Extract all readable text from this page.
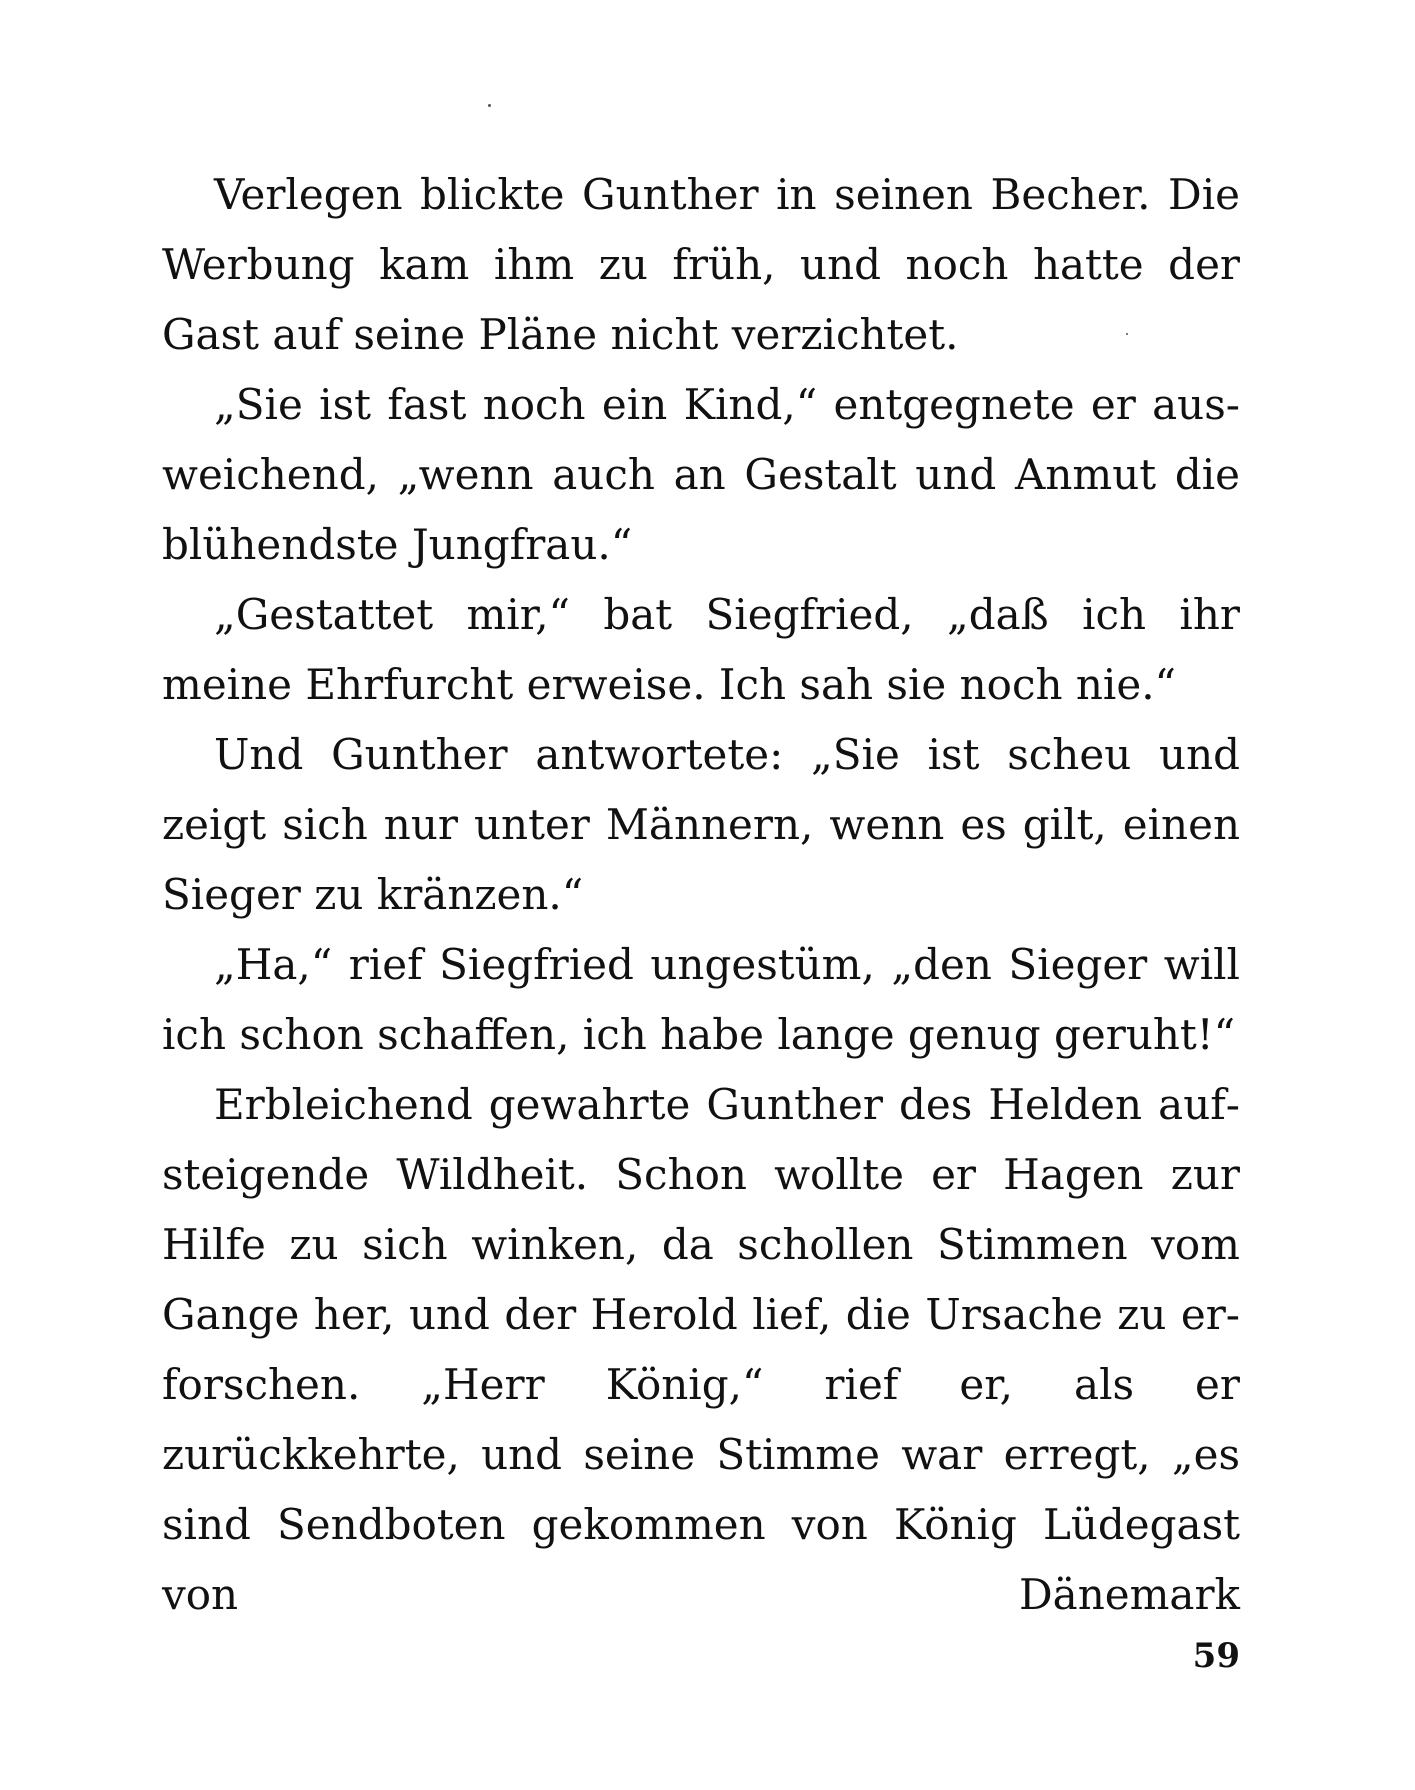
Verlegen blickte Gunther in seinen Becher. Die Werbung kam ihm zu früh, und noch hatte der Gast auf seine Pläne nicht verzichtet.

„Sie ist fast noch ein Kind,“ entgegnete er ausweichend, „wenn auch an Gestalt und Anmut die blühendste Jungfrau.“

„Gestattet mir,“ bat Siegfried, „daß ich ihr meine Ehrfurcht erweise. Ich sah sie noch nie.“

Und Gunther antwortete: „Sie ist scheu und zeigt sich nur unter Männern, wenn es gilt, einen Sieger zu kränzen.“

„Ha,“ rief Siegfried ungestüm, „den Sieger will ich schon schaffen, ich habe lange genug geruht!“

Erbleichend gewahrte Gunther des Helden aufsteigende Wildheit. Schon wollte er Hagen zur Hilfe zu sich winken, da schollen Stimmen vom Gange her, und der Herold lief, die Ursache zu erforschen. „Herr König,“ rief er, als er zurückkehrte, und seine Stimme war erregt, „es sind Sendboten gekommen von König Lüdegast von Dänemark

59
